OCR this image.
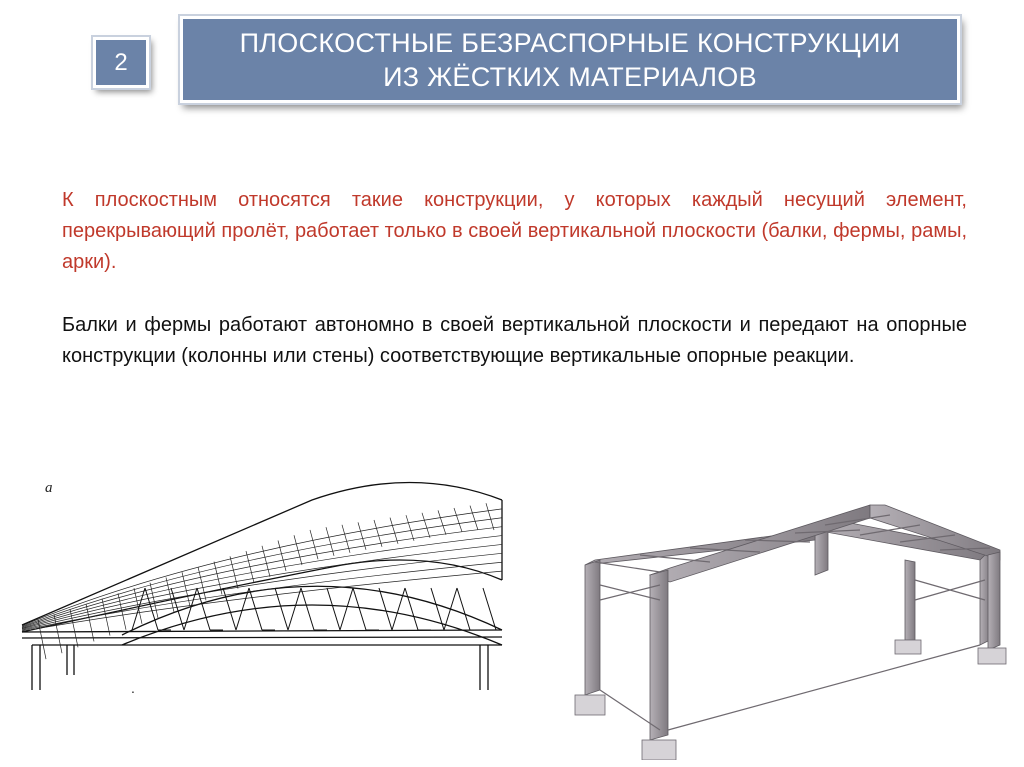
2
ПЛОСКОСТНЫЕ БЕЗРАСПОРНЫЕ КОНСТРУКЦИИ
ИЗ ЖЁСТКИХ МАТЕРИАЛОВ
К плоскостным относятся такие конструкции, у которых каждый несущий элемент, перекрывающий пролёт, работает только в своей вертикальной плоскости (балки, фермы, рамы, арки).
Балки и фермы работают автономно в своей вертикальной плоскости и передают на опорные конструкции (колонны или стены) соответствующие вертикальные опорные реакции.
а
.
